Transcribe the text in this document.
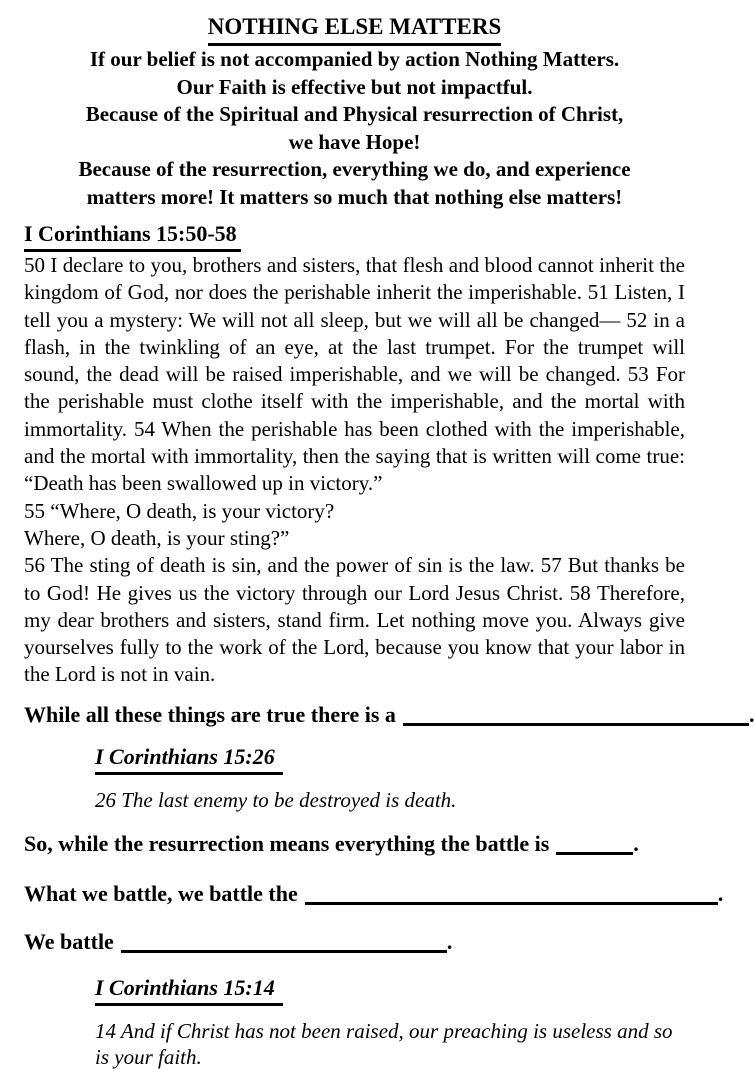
NOTHING ELSE MATTERS
If our belief is not accompanied by action Nothing Matters.
Our Faith is effective but not impactful.
Because of the Spiritual and Physical resurrection of Christ,
we have Hope!
Because of the resurrection, everything we do, and experience
matters more! It matters so much that nothing else matters!
I Corinthians 15:50-58

50 I declare to you, brothers and sisters, that flesh and blood cannot inherit the kingdom of God, nor does the perishable inherit the imperishable. 51 Listen, I tell you a mystery: We will not all sleep, but we will all be changed— 52 in a flash, in the twinkling of an eye, at the last trumpet. For the trumpet will sound, the dead will be raised imperishable, and we will be changed. 53 For the perishable must clothe itself with the imperishable, and the mortal with immortality. 54 When the perishable has been clothed with the imperishable, and the mortal with immortality, then the saying that is written will come true: “Death has been swallowed up in victory.”

55 “Where, O death, is your victory?

Where, O death, is your sting?”

56 The sting of death is sin, and the power of sin is the law. 57 But thanks be to God! He gives us the victory through our Lord Jesus Christ. 58 Therefore, my dear brothers and sisters, stand firm. Let nothing move you. Always give yourselves fully to the work of the Lord, because you know that your labor in the Lord is not in vain.

While all these things are true there is a	.
I Corinthians 15:26
26 The last enemy to be destroyed is death.
So, while the resurrection means everything the battle is	.
What we battle, we battle the	.
We battle	.
I Corinthians 15:14
14 And if Christ has not been raised, our preaching is useless and so is your faith.
